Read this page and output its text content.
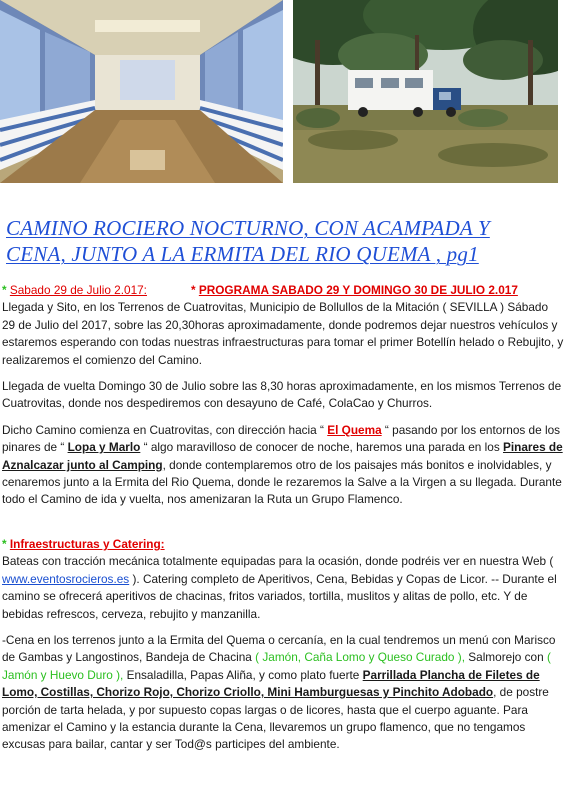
CAMINO ROCIERO NOCTURNO, CON ACAMPADA Y
CENA, JUNTO A LA ERMITA DEL RIO QUEMA , pg1
* Sabado 29 de Julio 2.017:	* PROGRAMA SABADO 29 Y DOMINGO 30 DE JULIO 2.017

Llegada y Sito, en los Terrenos de Cuatrovitas, Municipio de Bollullos de la Mitación ( SEVILLA ) Sábado 29 de Julio del 2017, sobre las 20,30horas aproximadamente, donde podremos dejar nuestros vehículos y estaremos esperando con todas nuestras infraestructuras para tomar el primer Botellín helado o Rebujito, y realizaremos el comienzo del Camino.

Llegada de vuelta Domingo 30 de Julio sobre las 8,30 horas aproximadamente, en los mismos Terrenos de Cuatrovitas, donde nos despediremos con desayuno de Café, ColaCao y Churros.

Dicho Camino comienza en Cuatrovitas, con dirección hacia “ El Quema “ pasando por los entornos de los pinares de “ Lopa y Marlo “ algo maravilloso de conocer de noche, haremos una parada en los Pinares de Aznalcazar junto al Camping, donde contemplaremos otro de los paisajes más bonitos e inolvidables, y cenaremos junto a la Ermita del Rio Quema, donde le rezaremos la Salve a la Virgen a su llegada. Durante todo el Camino de ida y vuelta, nos amenizaran la Ruta un Grupo Flamenco.

* Infraestructuras y Catering:

Bateas con tracción mecánica totalmente equipadas para la ocasión, donde podréis ver en nuestra Web ( www.eventosrocieros.es ). Catering completo de Aperitivos, Cena, Bebidas y Copas de Licor. -- Durante el camino se ofrecerá aperitivos de chacinas, fritos variados, tortilla, muslitos y alitas de pollo, etc. Y de bebidas refrescos, cerveza, rebujito y manzanilla.

-Cena en los terrenos junto a la Ermita del Quema o cercanía, en la cual tendremos un menú con Marisco de Gambas y Langostinos, Bandeja de Chacina ( Jamón, Caña Lomo y Queso Curado ), Salmorejo con ( Jamón y Huevo Duro ), Ensaladilla, Papas Aliña, y como plato fuerte Parrillada Plancha de Filetes de Lomo, Costillas, Chorizo Rojo, Chorizo Criollo, Mini Hamburguesas y Pinchito Adobado, de postre porción de tarta helada, y por supuesto copas largas o de licores, hasta que el cuerpo aguante. Para amenizar el Camino y la estancia durante la Cena, llevaremos un grupo flamenco, que no tengamos excusas para bailar, cantar y ser Tod@s participes del ambiente.
